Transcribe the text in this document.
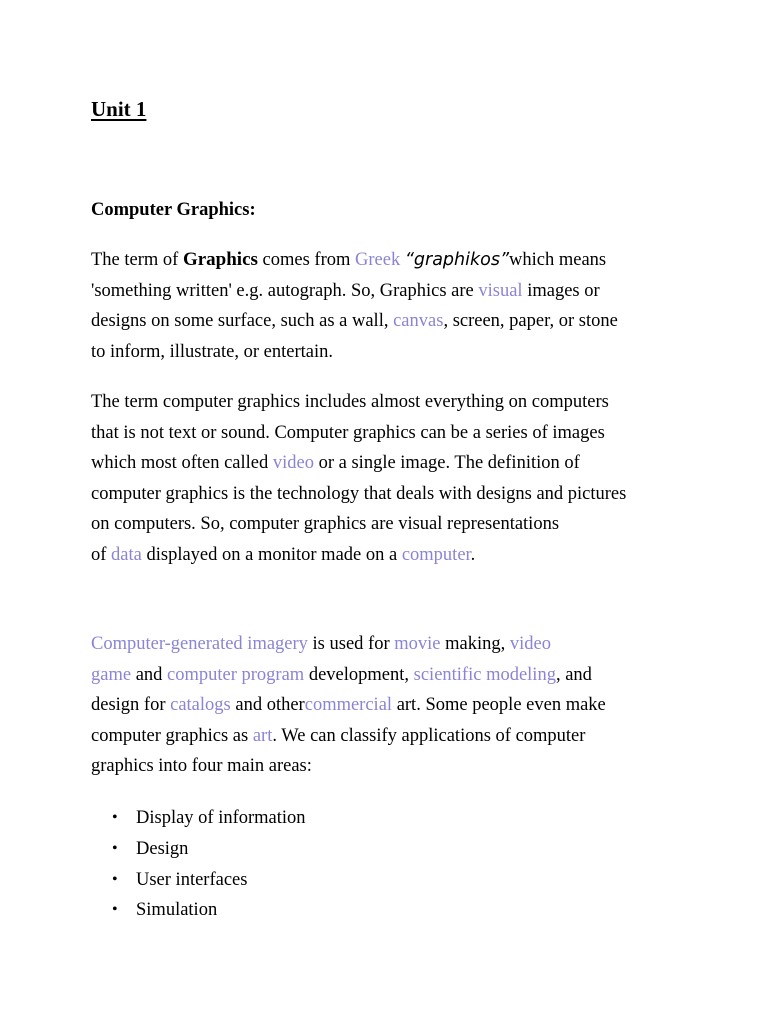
Unit 1
Computer Graphics:

The term of Graphics comes from Greek “graphikos”which means
'something written' e.g. autograph. So, Graphics are visual images or
designs on some surface, such as a wall, canvas, screen, paper, or stone
to inform, illustrate, or entertain.

The term computer graphics includes almost everything on computers
that is not text or sound. Computer graphics can be a series of images
which most often called video or a single image. The definition of
computer graphics is the technology that deals with designs and pictures
on computers. So, computer graphics are visual representations
of data displayed on a monitor made on a computer.

Computer-generated imagery is used for movie making, video
game and computer program development, scientific modeling, and
design for catalogs and othercommercial art. Some people even make
computer graphics as art. We can classify applications of computer
graphics into four main areas:

• Display of information
• Design
• User interfaces
• Simulation
